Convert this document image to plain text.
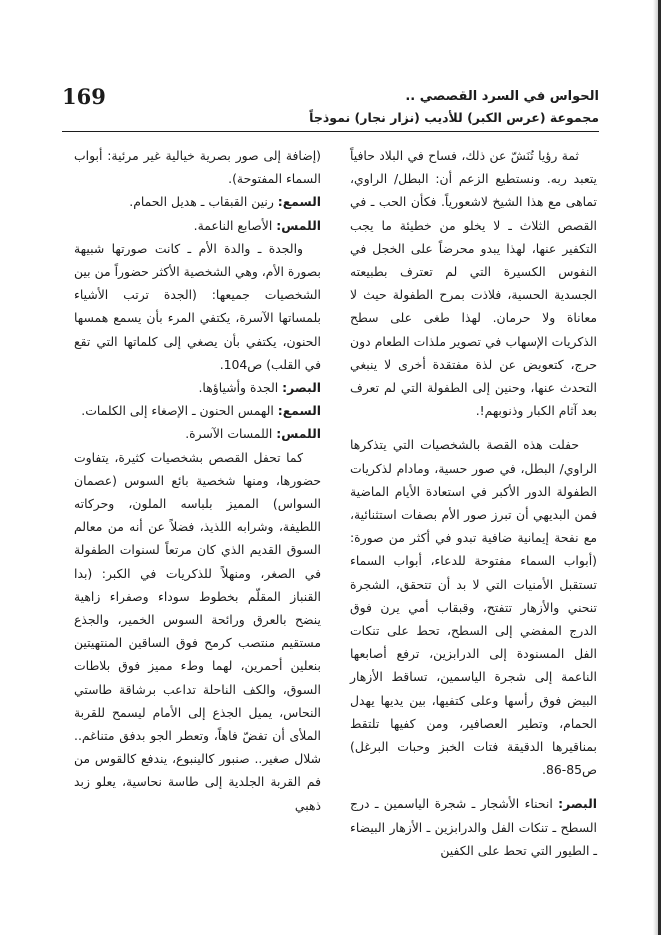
الحواس في السرد القصصي ..
مجموعة (عرس الكبر) للأديب (نزار نجار) نموذجاً
169

ثمة رؤيا تُنَشّ عن ذلك، فساح في البلاد حافياً يتعبد ربه. ونستطيع الزعم أن: البطل/ الراوي، تماهى مع هذا الشيخ لاشعورياً. فكأن الحب ـ في القصص الثلاث ـ لا يخلو من خطيئة ما يجب التكفير عنها، لهذا يبدو محرضاً على الخجل في النفوس الكسيرة التي لم تعترف بطبيعته الجسدية الحسية، فلاذت بمرح الطفولة حيث لا معاناة ولا حرمان. لهذا طغى على سطح الذكريات الإسهاب في تصوير ملذات الطعام دون حرج، كتعويض عن لذة مفتقدة أخرى لا ينبغي التحدث عنها، وحنين إلى الطفولة التي لم تعرف بعد آثام الكبار وذنوبهم!.

حفلت هذه القصة بالشخصيات التي يتذكرها الراوي/ البطل، في صور حسية، ومادام لذكريات الطفولة الدور الأكبر في استعادة الأيام الماضية فمن البديهي أن تبرز صور الأم بصفات استثنائية، مع نفحة إيمانية ضافية تبدو في أكثر من صورة: (أبواب السماء مفتوحة للدعاء، أبواب السماء تستقبل الأمنيات التي لا بد أن تتحقق، الشجرة تنحني والأزهار تتفتح، وقبقاب أمي يرن فوق الدرج المفضي إلى السطح، تحط على تنكات الفل المسنودة إلى الدرابزين، ترفع أصابعها الناعمة إلى شجرة الياسمين، تساقط الأزهار البيض فوق رأسها وعلى كتفيها، بين يديها يهدل الحمام، وتطير العصافير، ومن كفيها تلتقط بمناقيرها الدقيقة فتات الخبز وحبات البرغل) ص85-86.

البصر: انحناء الأشجار ـ شجرة الياسمين ـ درج السطح ـ تنكات الفل والدرابزين ـ الأزهار البيضاء ـ الطيور التي تحط على الكفين

(إضافة إلى صور بصرية خيالية غير مرئية: أبواب السماء المفتوحة).

السمع: رنين القبقاب ـ هديل الحمام.

اللمس: الأصابع الناعمة.

والجدة ـ والدة الأم ـ كانت صورتها شبيهة بصورة الأم، وهي الشخصية الأكثر حضوراً من بين الشخصيات جميعها: (الجدة ترتب الأشياء بلمساتها الآسرة، يكتفي المرء بأن يسمع همسها الحنون، يكتفي بأن يصغي إلى كلماتها التي تقع في القلب) ص104.

البصر: الجدة وأشياؤها.

السمع: الهمس الحنون ـ الإصغاء إلى الكلمات.

اللمس: اللمسات الآسرة.

كما تحفل القصص بشخصيات كثيرة، يتفاوت حضورها، ومنها شخصية بائع السوس (عصمان السواس) المميز بلباسه الملون، وحركاته اللطيفة، وشرابه اللذيذ، فضلاً عن أنه من معالم السوق القديم الذي كان مرتعاً لسنوات الطفولة في الصغر، ومنهلاً للذكريات في الكبر: (بدا القنباز المقلّم بخطوط سوداء وصفراء زاهية ينضح بالعرق ورائحة السوس الخمير، والجذع مستقيم منتصب كرمح فوق الساقين المنتهيتين بنعلين أحمرين، لهما وطء مميز فوق بلاطات السوق، والكف الناحلة تداعب برشاقة طاستي النحاس، يميل الجذع إلى الأمام ليسمح للقربة الملأى أن تفضّ فاهاً، وتعطر الجو بدفق متناغم.. شلال صغير.. صنبور كالينبوع، يندفع كالقوس من فم القربة الجلدية إلى طاسة نحاسية، يعلو زبد ذهبي
